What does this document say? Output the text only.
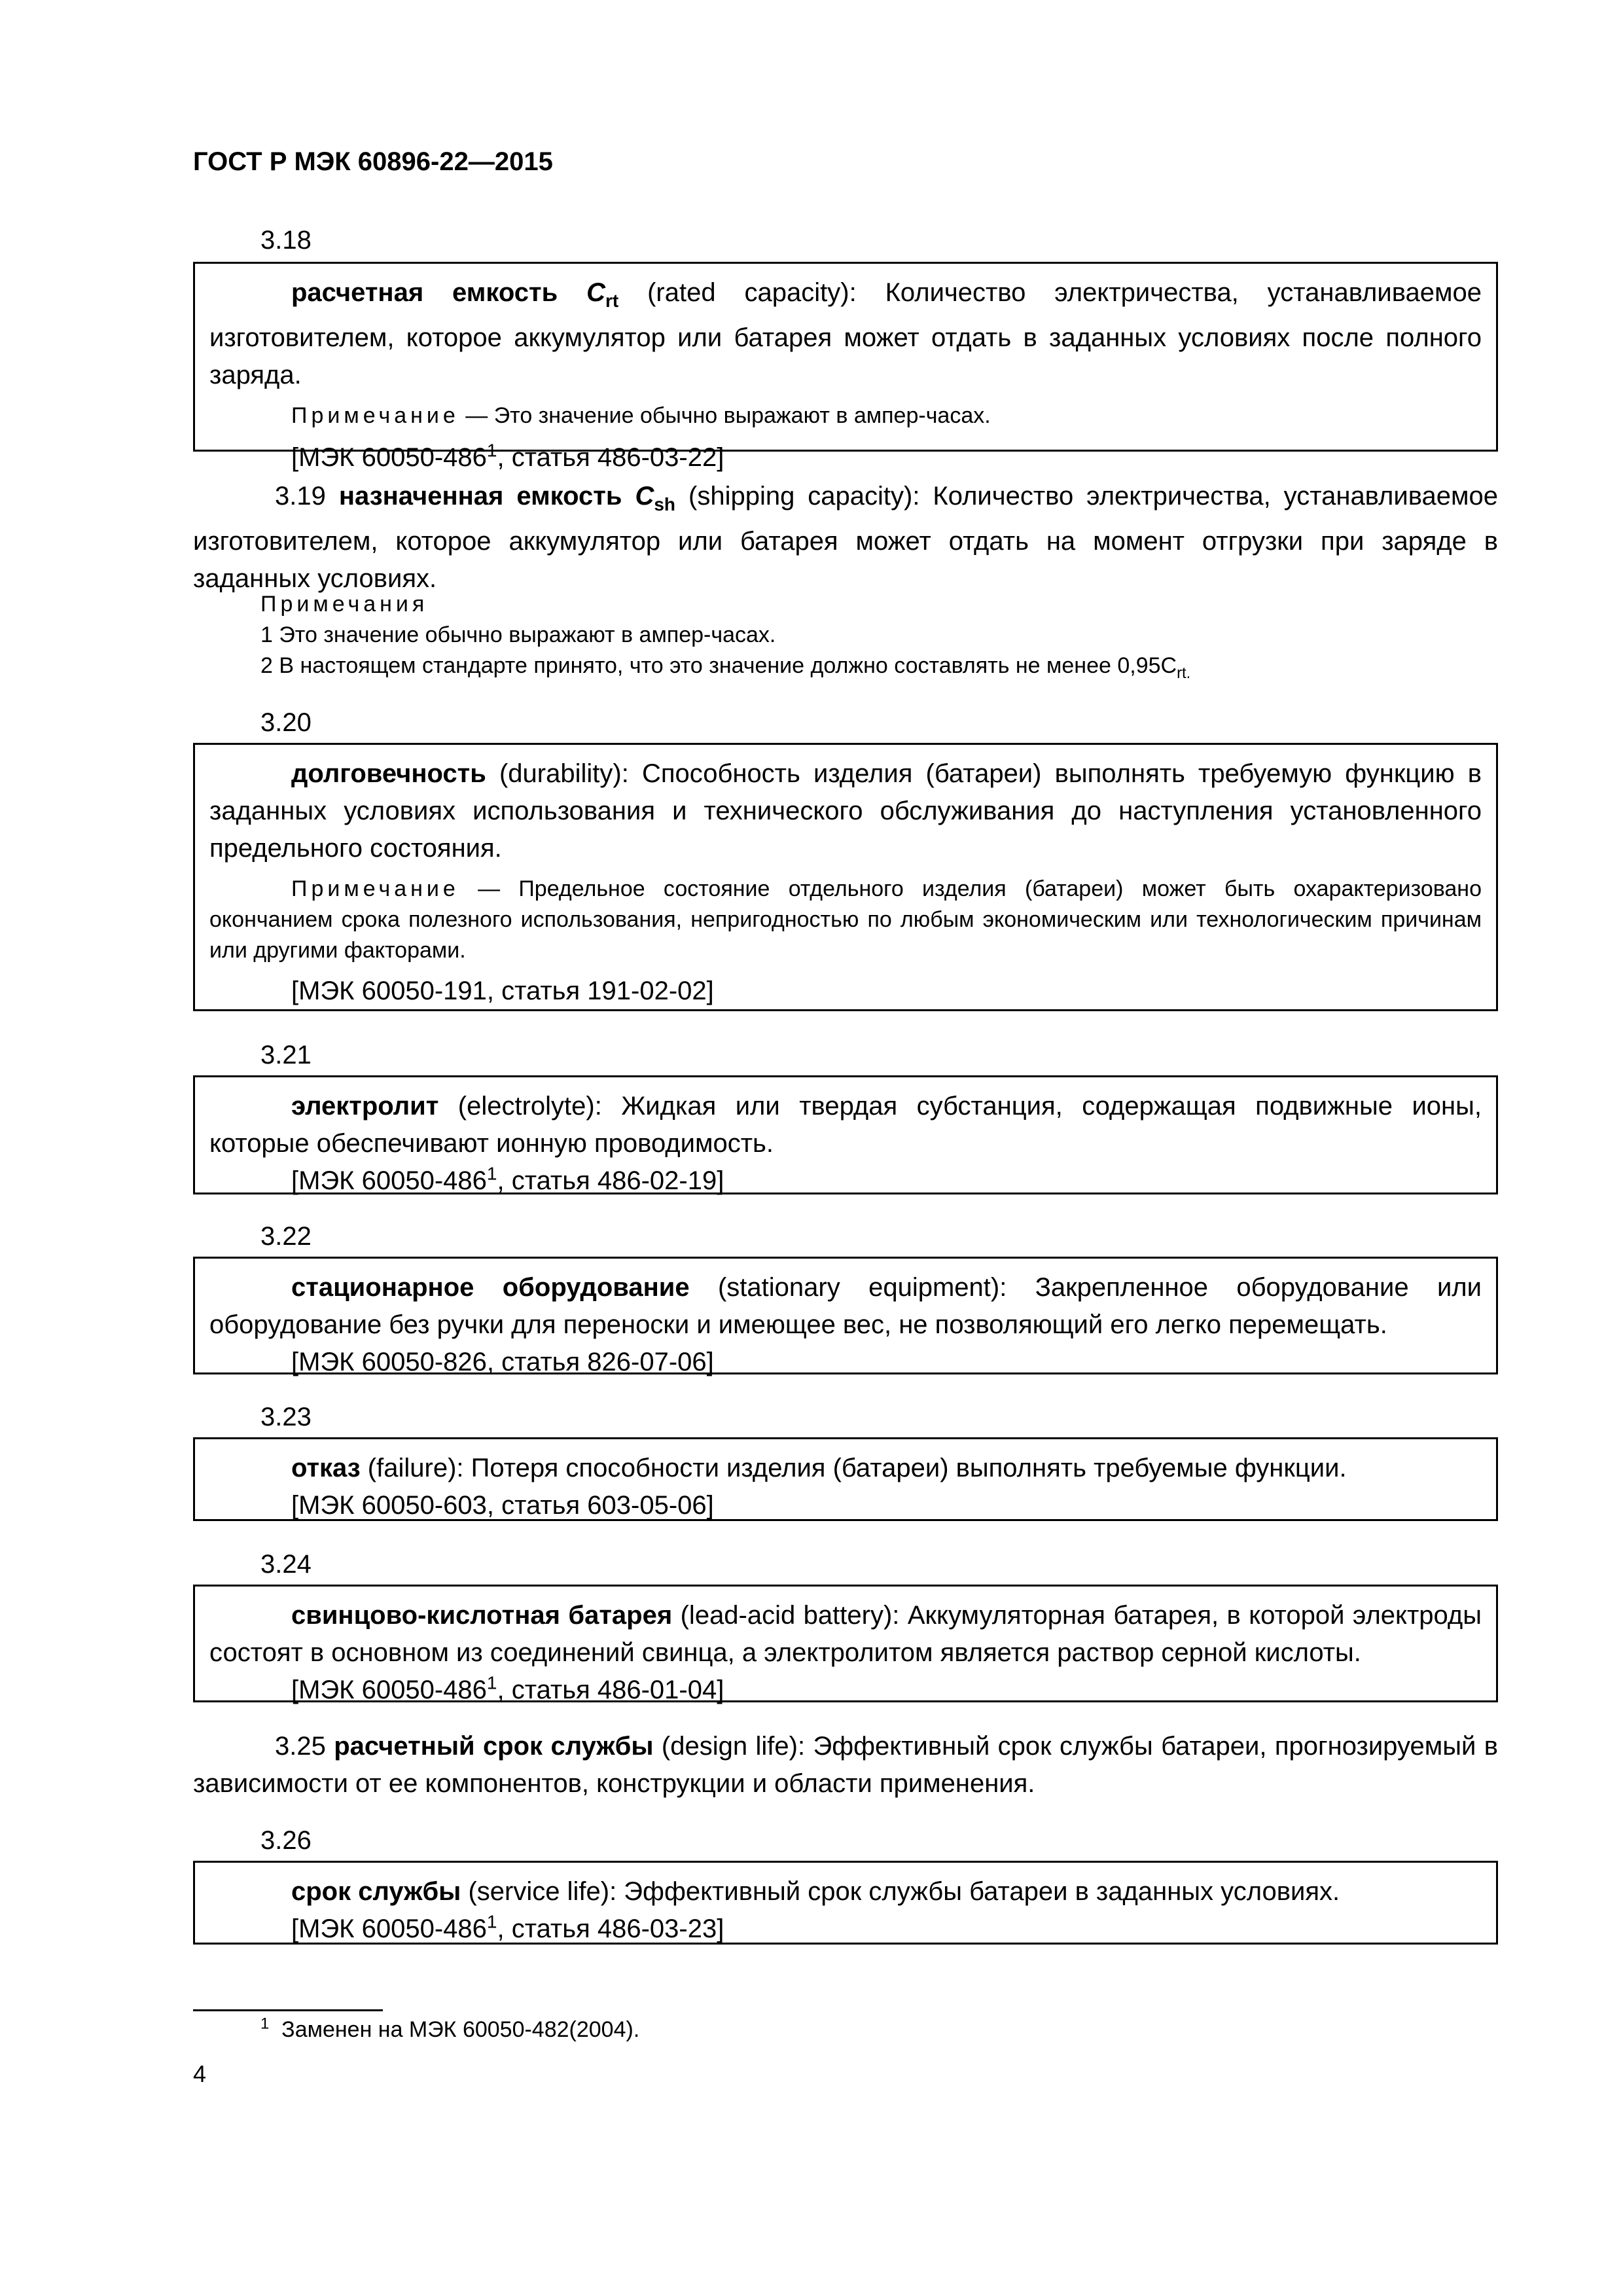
ГОСТ Р МЭК 60896-22—2015
3.18

расчетная емкость $C_{rt}$ (rated capacity): Количество электричества, устанавливаемое изготовителем, которое аккумулятор или батарея может отдать в заданных условиях после полного заряда.

Примечание — Это значение обычно выражают в ампер-часах.

[МЭК $60050-486^1$, статья 486-03-22]

3.19 назначенная емкость $C_{sh}$ (shipping capacity): Количество электричества, устанавливаемое изготовителем, которое аккумулятор или батарея может отдать на момент отгрузки при заряде в заданных условиях.

Примечания

1 Это значение обычно выражают в ампер-часах.

2 В настоящем стандарте принято, что это значение должно составлять не менее $0,95C_{rt.}$

3.20

долговечность (durability): Способность изделия (батареи) выполнять требуемую функцию в заданных условиях использования и технического обслуживания до наступления установленного предельного состояния.

Примечание — Предельное состояние отдельного изделия (батареи) может быть охарактеризовано окончанием срока полезного использования, непригодностью по любым экономическим или технологическим причинам или другими факторами.

[МЭК 60050-191, статья 191-02-02]

3.21

электролит (electrolyte): Жидкая или твердая субстанция, содержащая подвижные ионы, которые обеспечивают ионную проводимость.

[МЭК $60050-486^1$, статья 486-02-19]

3.22

стационарное оборудование (stationary equipment): Закрепленное оборудование или оборудование без ручки для переноски и имеющее вес, не позволяющий его легко перемещать.

[МЭК 60050-826, статья 826-07-06]

3.23

отказ (failure): Потеря способности изделия (батареи) выполнять требуемые функции.

[МЭК 60050-603, статья 603-05-06]

3.24

свинцово-кислотная батарея (lead-acid battery): Аккумуляторная батарея, в которой электроды состоят в основном из соединений свинца, а электролитом является раствор серной кислоты.

[МЭК $60050-486^1$, статья 486-01-04]

3.25 расчетный срок службы (design life): Эффективный срок службы батареи, прогнозируемый в зависимости от ее компонентов, конструкции и области применения.

3.26

срок службы (service life): Эффективный срок службы батареи в заданных условиях.

[МЭК $60050-486^1$, статья 486-03-23]

$^1$ Заменен на МЭК 60050-482(2004).
4
